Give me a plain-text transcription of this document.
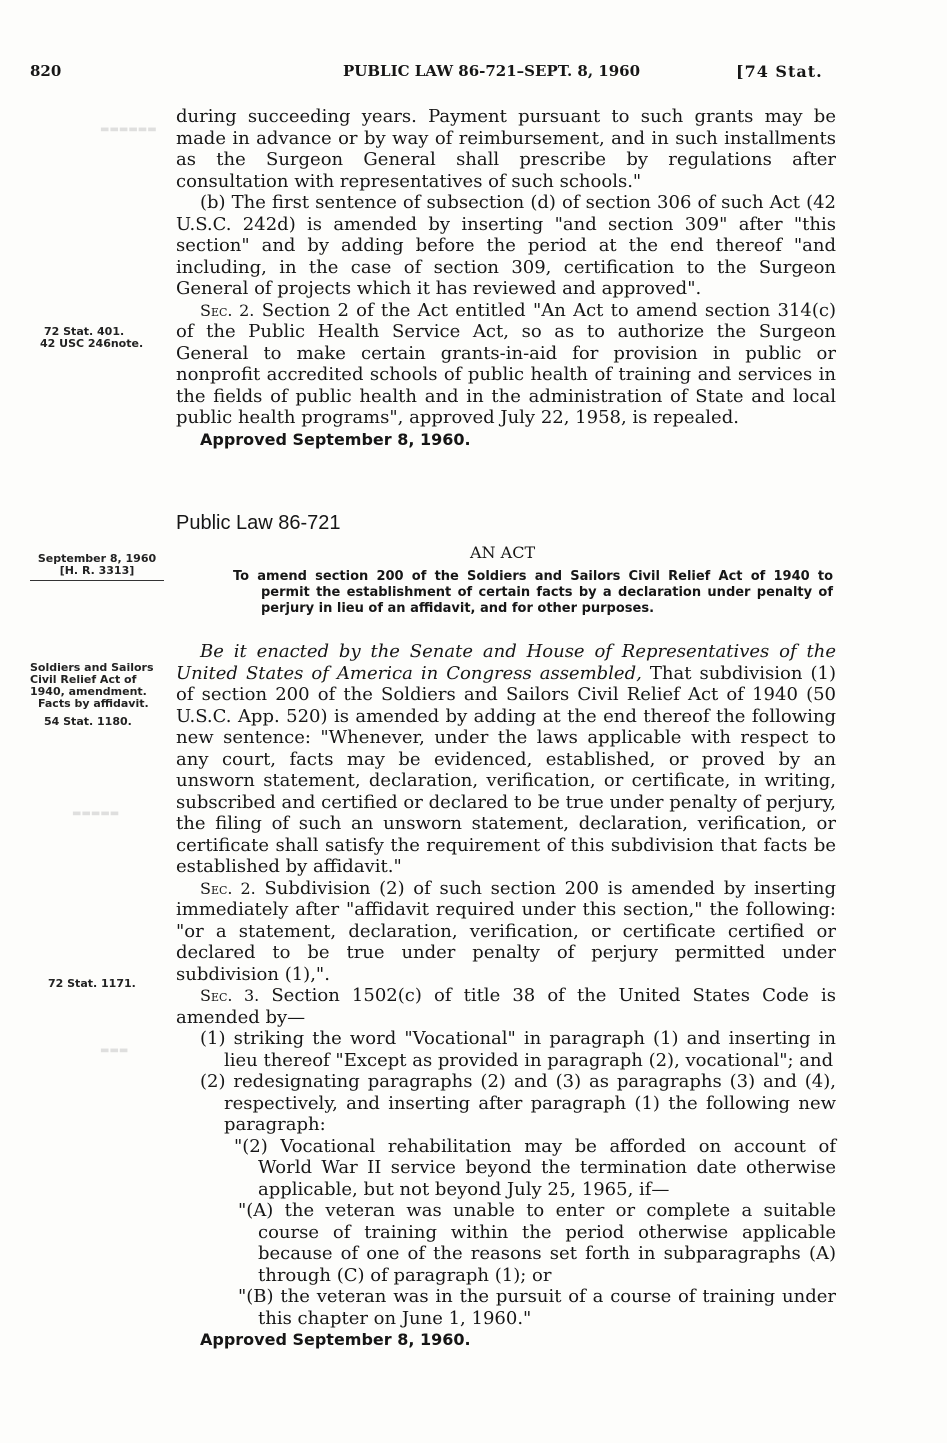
820	PUBLIC LAW 86-721–SEPT. 8, 1960	[74 Stat.
▬▬▬▬▬▬
▬▬▬▬▬
▬▬▬
72 Stat. 401.
42 USC 246note.
September 8, 1960
[H. R. 3313]
Soldiers and Sailors Civil Relief Act of 1940, amendment.
Facts by affidavit.
54 Stat. 1180.
72 Stat. 1171.

during succeeding years. Payment pursuant to such grants may be made in advance or by way of reimbursement, and in such installments as the Surgeon General shall prescribe by regulations after consultation with representatives of such schools."

(b) The first sentence of subsection (d) of section 306 of such Act (42 U.S.C. 242d) is amended by inserting "and section 309" after "this section" and by adding before the period at the end thereof "and including, in the case of section 309, certification to the Surgeon General of projects which it has reviewed and approved".

Sec. 2. Section 2 of the Act entitled "An Act to amend section 314(c) of the Public Health Service Act, so as to authorize the Surgeon General to make certain grants-in-aid for provision in public or nonprofit accredited schools of public health of training and services in the fields of public health and in the administration of State and local public health programs", approved July 22, 1958, is repealed.

Approved September 8, 1960.

Public Law 86-721
AN ACT

To amend section 200 of the Soldiers and Sailors Civil Relief Act of 1940 to permit the establishment of certain facts by a declaration under penalty of perjury in lieu of an affidavit, and for other purposes.

Be it enacted by the Senate and House of Representatives of the United States of America in Congress assembled, That subdivision (1) of section 200 of the Soldiers and Sailors Civil Relief Act of 1940 (50 U.S.C. App. 520) is amended by adding at the end thereof the following new sentence: "Whenever, under the laws applicable with respect to any court, facts may be evidenced, established, or proved by an unsworn statement, declaration, verification, or certificate, in writing, subscribed and certified or declared to be true under penalty of perjury, the filing of such an unsworn statement, declaration, verification, or certificate shall satisfy the requirement of this subdivision that facts be established by affidavit."

Sec. 2. Subdivision (2) of such section 200 is amended by inserting immediately after "affidavit required under this section," the following: "or a statement, declaration, verification, or certificate certified or declared to be true under penalty of perjury permitted under subdivision (1),".

Sec. 3. Section 1502(c) of title 38 of the United States Code is amended by—

(1) striking the word "Vocational" in paragraph (1) and inserting in lieu thereof "Except as provided in paragraph (2), vocational"; and

(2) redesignating paragraphs (2) and (3) as paragraphs (3) and (4), respectively, and inserting after paragraph (1) the following new paragraph:

"(2) Vocational rehabilitation may be afforded on account of World War II service beyond the termination date otherwise applicable, but not beyond July 25, 1965, if—

"(A) the veteran was unable to enter or complete a suitable course of training within the period otherwise applicable because of one of the reasons set forth in subparagraphs (A) through (C) of paragraph (1); or

"(B) the veteran was in the pursuit of a course of training under this chapter on June 1, 1960."

Approved September 8, 1960.
